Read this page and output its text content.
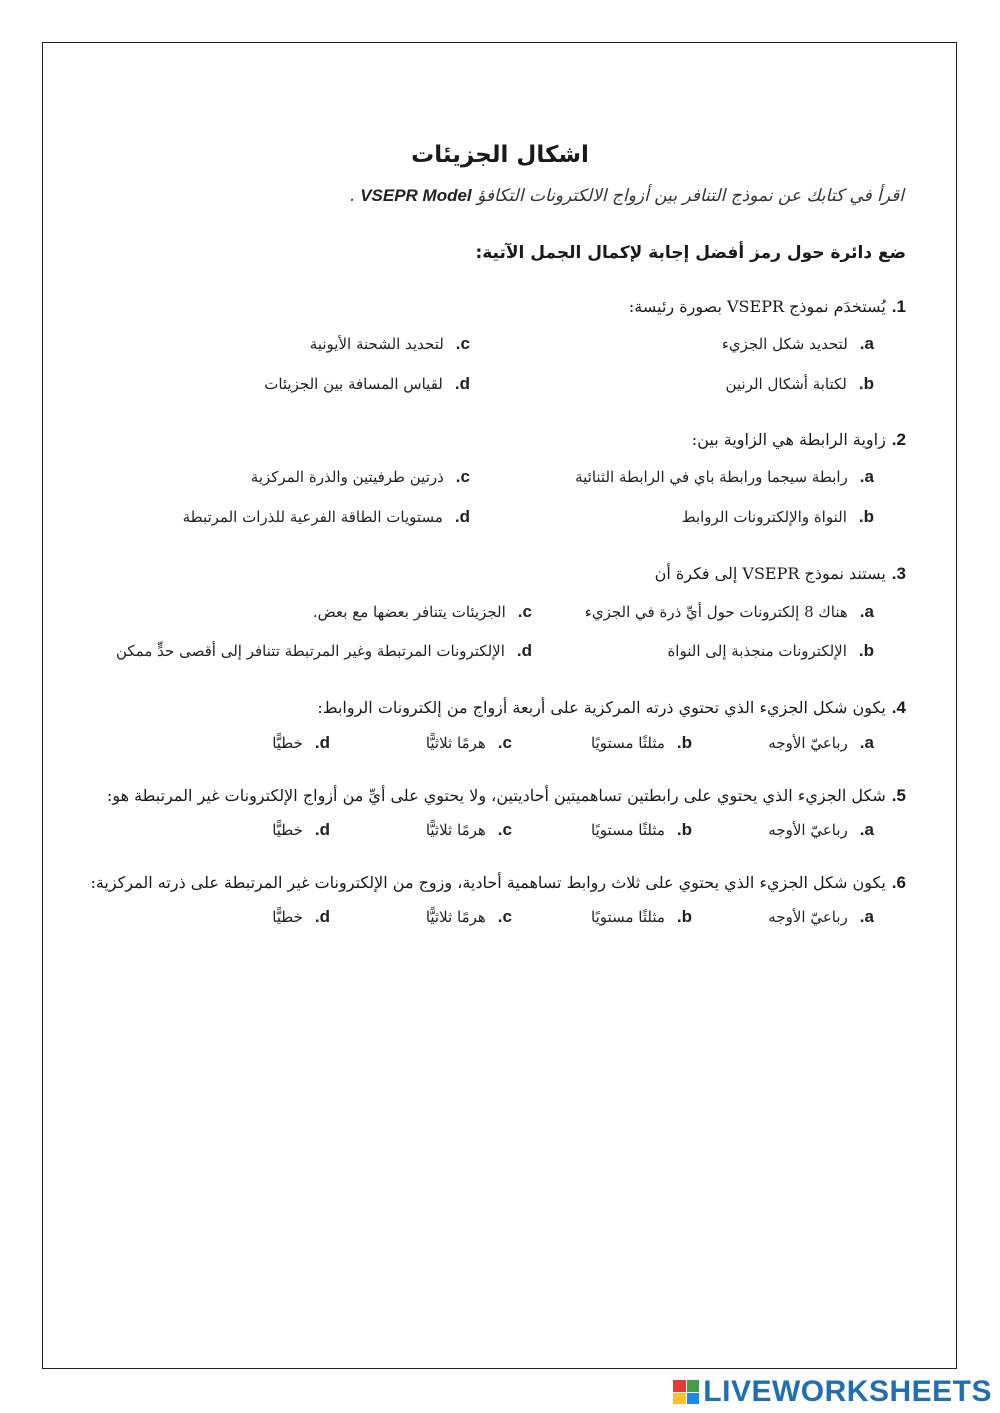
اشكال الجزيئات
اقرأ في كتابك عن نموذج التنافر بين أزواج الالكترونات التكافؤ VSEPR Model .
ضع دائرة حول رمز أفضل إجابة لإكمال الجمل الآتية:
1.يُستخدَم نموذج VSEPR بصورة رئيسة:
a.لتحديد شكل الجزيء
b.لكتابة أشكال الرنين
c.لتحديد الشحنة الأيونية
d.لقياس المسافة بين الجزيئات
2.زاوية الرابطة هي الزاوية بين:
a.رابطة سيجما ورابطة باي في الرابطة الثنائية
b.النواة والإلكترونات الروابط
c.ذرتين طرفيتين والذرة المركزية
d.مستويات الطاقة الفرعية للذرات المرتبطة
3.يستند نموذج VSEPR إلى فكرة أن
a.هناك 8 إلكترونات حول أيِّ ذرة في الجزيء
b.الإلكترونات منجذبة إلى النواة
c.الجزيئات يتنافر بعضها مع بعض.
d.الإلكترونات المرتبطة وغير المرتبطة تتنافر إلى أقصى حدٍّ ممكن
4.يكون شكل الجزيء الذي تحتوي ذرته المركزية على أربعة أزواج من إلكترونات الروابط:
a.رباعيّ الأوجه
b.مثلثًا مستويًا
c.هرمًا ثلاثيًّا
d.خطيًّا
5.شكل الجزيء الذي يحتوي على رابطتين تساهميتين أحاديتين، ولا يحتوي على أيِّ من أزواج الإلكترونات غير المرتبطة هو:
a.رباعيّ الأوجه
b.مثلثًا مستويًا
c.هرمًا ثلاثيًّا
d.خطيًّا
6.يكون شكل الجزيء الذي يحتوي على ثلاث روابط تساهمية أحادية، وزوج من الإلكترونات غير المرتبطة على ذرته المركزية:
a.رباعيّ الأوجه
b.مثلثًا مستويًا
c.هرمًا ثلاثيًّا
d.خطيًّا
LIVEWORKSHEETS
